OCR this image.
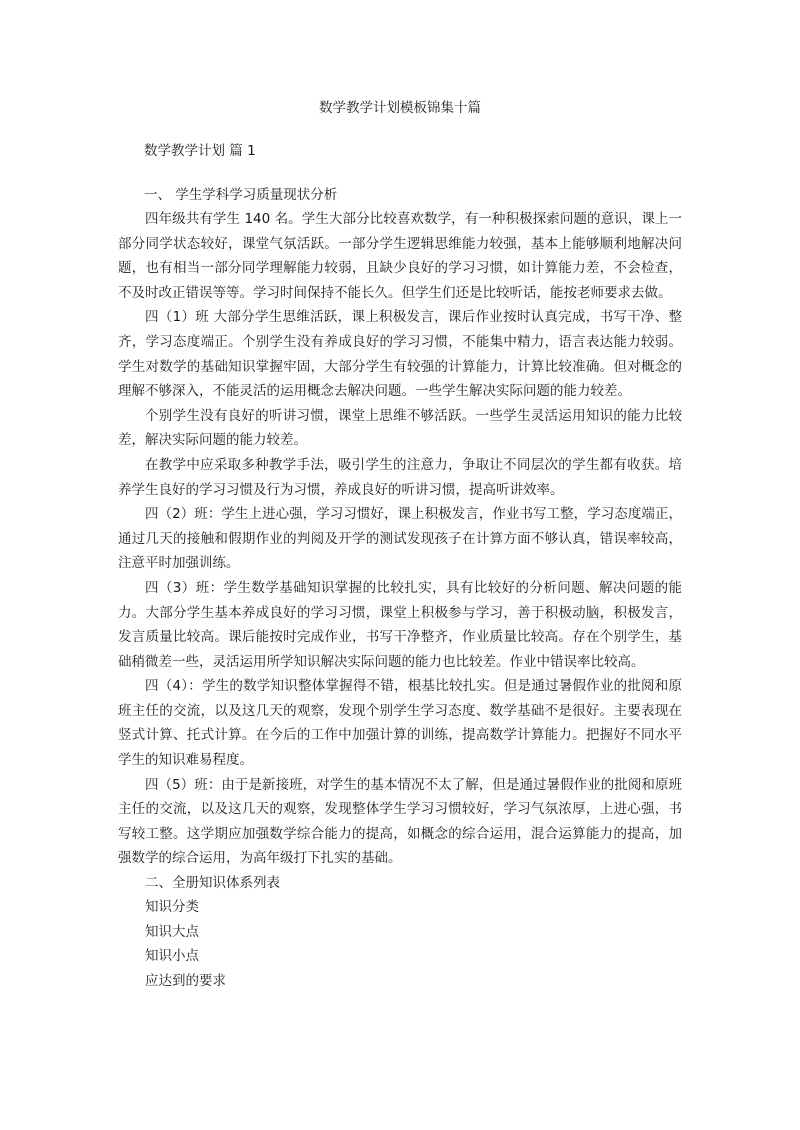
数学教学计划模板锦集十篇
数学教学计划 篇 1
一、 学生学科学习质量现状分析

四年级共有学生 140 名。学生大部分比较喜欢数学，有一种积极探索问题的意识，课上一部分同学状态较好，课堂气氛活跃。一部分学生逻辑思维能力较强，基本上能够顺利地解决问题，也有相当一部分同学理解能力较弱，且缺少良好的学习习惯，如计算能力差，不会检查，不及时改正错误等等。学习时间保持不能长久。但学生们还是比较听话，能按老师要求去做。

四（1）班 大部分学生思维活跃，课上积极发言，课后作业按时认真完成，书写干净、整齐，学习态度端正。个别学生没有养成良好的学习习惯，不能集中精力，语言表达能力较弱。学生对数学的基础知识掌握牢固，大部分学生有较强的计算能力，计算比较准确。但对概念的理解不够深入，不能灵活的运用概念去解决问题。一些学生解决实际问题的能力较差。

个别学生没有良好的听讲习惯，课堂上思维不够活跃。一些学生灵活运用知识的能力比较差，解决实际问题的能力较差。

在教学中应采取多种教学手法，吸引学生的注意力，争取让不同层次的学生都有收获。培养学生良好的学习习惯及行为习惯，养成良好的听讲习惯，提高听讲效率。

四（2）班：学生上进心强，学习习惯好，课上积极发言，作业书写工整，学习态度端正，通过几天的接触和假期作业的判阅及开学的测试发现孩子在计算方面不够认真，错误率较高，注意平时加强训练。

四（3）班：学生数学基础知识掌握的比较扎实，具有比较好的分析问题、解决问题的能力。大部分学生基本养成良好的学习习惯，课堂上积极参与学习，善于积极动脑，积极发言，发言质量比较高。课后能按时完成作业，书写干净整齐，作业质量比较高。存在个别学生，基础稍微差一些，灵活运用所学知识解决实际问题的能力也比较差。作业中错误率比较高。

四（4）：学生的数学知识整体掌握得不错，根基比较扎实。但是通过暑假作业的批阅和原班主任的交流，以及这几天的观察，发现个别学生学习态度、数学基础不是很好。主要表现在竖式计算、托式计算。在今后的工作中加强计算的训练，提高数学计算能力。把握好不同水平学生的知识难易程度。

四（5）班：由于是新接班，对学生的基本情况不太了解，但是通过暑假作业的批阅和原班主任的交流，以及这几天的观察，发现整体学生学习习惯较好，学习气氛浓厚，上进心强，书写较工整。这学期应加强数学综合能力的提高，如概念的综合运用，混合运算能力的提高，加强数学的综合运用，为高年级打下扎实的基础。

二、全册知识体系列表
知识分类
知识大点
知识小点
应达到的要求
